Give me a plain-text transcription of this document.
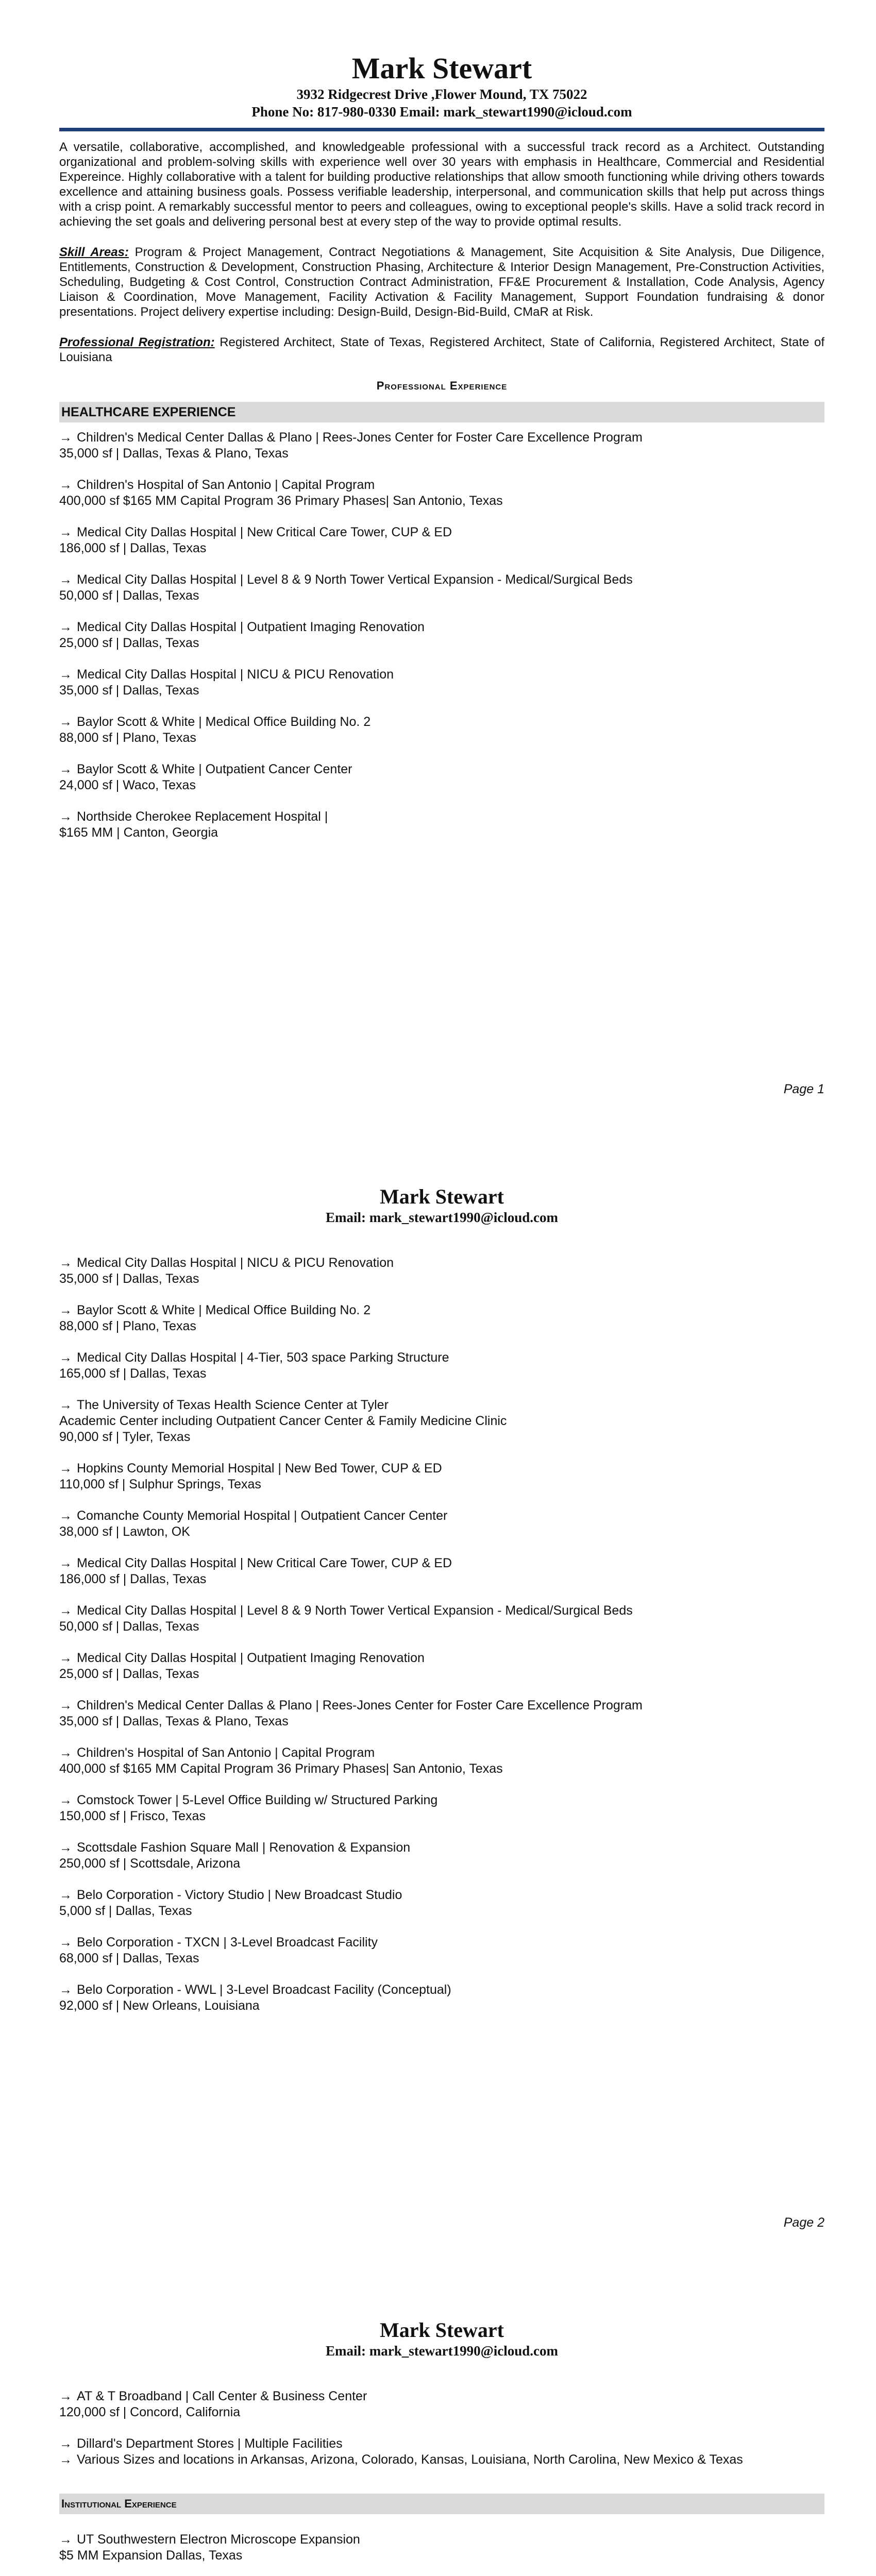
Mark Stewart
3932 Ridgecrest Drive ,Flower Mound, TX 75022
Phone No: 817-980-0330 Email: mark_stewart1990@icloud.com
A versatile, collaborative, accomplished, and knowledgeable professional with a successful track record as a Architect. Outstanding organizational and problem-solving skills with experience well over 30 years with emphasis in Healthcare, Commercial and Residential Expereince. Highly collaborative with a talent for building productive relationships that allow smooth functioning while driving others towards excellence and attaining business goals. Possess verifiable leadership, interpersonal, and communication skills that help put across things with a crisp point. A remarkably successful mentor to peers and colleagues, owing to exceptional people's skills. Have a solid track record in achieving the set goals and delivering personal best at every step of the way to provide optimal results.
Skill Areas: Program & Project Management, Contract Negotiations & Management, Site Acquisition & Site Analysis, Due Diligence, Entitlements, Construction & Development, Construction Phasing, Architecture & Interior Design Management, Pre-Construction Activities, Scheduling, Budgeting & Cost Control, Construction Contract Administration, FF&E Procurement & Installation, Code Analysis, Agency Liaison & Coordination, Move Management, Facility Activation & Facility Management, Support Foundation fundraising & donor presentations. Project delivery expertise including: Design-Build, Design-Bid-Build, CMaR at Risk.
Professional Registration: Registered Architect, State of Texas, Registered Architect, State of California, Registered Architect, State of Louisiana
Professional Experience
HEALTHCARE EXPERIENCE
→ Children's Medical Center Dallas & Plano | Rees-Jones Center for Foster Care Excellence Program
35,000 sf | Dallas, Texas & Plano, Texas
→ Children's Hospital of San Antonio | Capital Program
400,000 sf $165 MM Capital Program 36 Primary Phases| San Antonio, Texas
→ Medical City Dallas Hospital | New Critical Care Tower, CUP & ED
186,000 sf | Dallas, Texas
→ Medical City Dallas Hospital | Level 8 & 9 North Tower Vertical Expansion - Medical/Surgical Beds
50,000 sf | Dallas, Texas
→ Medical City Dallas Hospital | Outpatient Imaging Renovation
25,000 sf | Dallas, Texas
→ Medical City Dallas Hospital | NICU & PICU Renovation
35,000 sf | Dallas, Texas
→ Baylor Scott & White | Medical Office Building No. 2
88,000 sf | Plano, Texas
→ Baylor Scott & White | Outpatient Cancer Center
24,000 sf | Waco, Texas
→ Northside Cherokee Replacement Hospital |
$165 MM | Canton, Georgia
Page 1
Mark Stewart
Email: mark_stewart1990@icloud.com
→ Medical City Dallas Hospital | NICU & PICU Renovation
35,000 sf | Dallas, Texas
→ Baylor Scott & White | Medical Office Building No. 2
88,000 sf | Plano, Texas
→ Medical City Dallas Hospital | 4-Tier, 503 space Parking Structure
165,000 sf | Dallas, Texas
→ The University of Texas Health Science Center at Tyler
Academic Center including Outpatient Cancer Center & Family Medicine Clinic
90,000 sf | Tyler, Texas
→ Hopkins County Memorial Hospital | New Bed Tower, CUP & ED
110,000 sf | Sulphur Springs, Texas
→ Comanche County Memorial Hospital | Outpatient Cancer Center
38,000 sf | Lawton, OK
→ Medical City Dallas Hospital | New Critical Care Tower, CUP & ED
186,000 sf | Dallas, Texas
→ Medical City Dallas Hospital | Level 8 & 9 North Tower Vertical Expansion - Medical/Surgical Beds
50,000 sf | Dallas, Texas
→ Medical City Dallas Hospital | Outpatient Imaging Renovation
25,000 sf | Dallas, Texas
→ Children's Medical Center Dallas & Plano | Rees-Jones Center for Foster Care Excellence Program
35,000 sf | Dallas, Texas & Plano, Texas
→ Children's Hospital of San Antonio | Capital Program
400,000 sf $165 MM Capital Program 36 Primary Phases| San Antonio, Texas
→ Comstock Tower | 5-Level Office Building w/ Structured Parking
150,000 sf | Frisco, Texas
→ Scottsdale Fashion Square Mall | Renovation & Expansion
250,000 sf | Scottsdale, Arizona
→ Belo Corporation - Victory Studio | New Broadcast Studio
5,000 sf | Dallas, Texas
→ Belo Corporation - TXCN | 3-Level Broadcast Facility
68,000 sf | Dallas, Texas
→ Belo Corporation - WWL | 3-Level Broadcast Facility (Conceptual)
92,000 sf | New Orleans, Louisiana
Page 2
Mark Stewart
Email: mark_stewart1990@icloud.com
→ AT & T Broadband | Call Center & Business Center
120,000 sf | Concord, California
→ Dillard's Department Stores | Multiple Facilities
→ Various Sizes and locations in Arkansas, Arizona, Colorado, Kansas, Louisiana, North Carolina, New Mexico & Texas
Institutional Experience
→ UT Southwestern Electron Microscope Expansion
$5 MM Expansion Dallas, Texas
